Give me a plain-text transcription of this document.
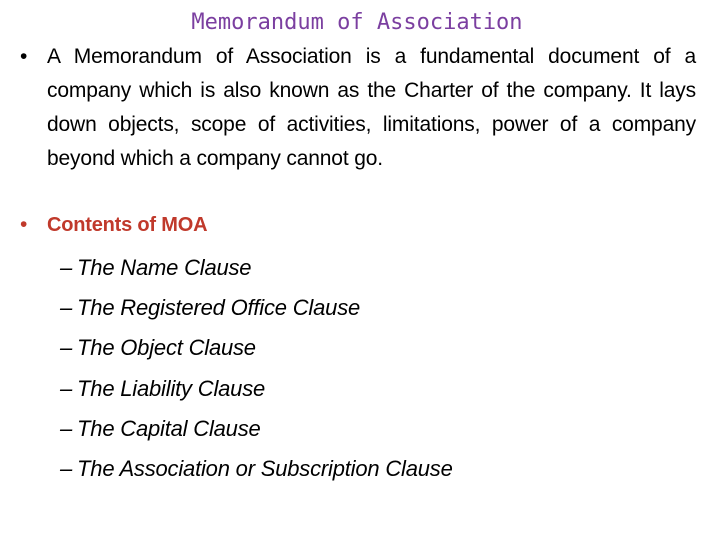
Memorandum of Association
• A Memorandum of Association is a fundamental document of a company which is also known as the Charter of the company. It lays down objects, scope of activities, limitations, power of a company beyond which a company cannot go.
• Contents of MOA
– The Name Clause
– The Registered Office Clause
– The Object Clause
– The Liability Clause
– The Capital Clause
– The Association or Subscription Clause
